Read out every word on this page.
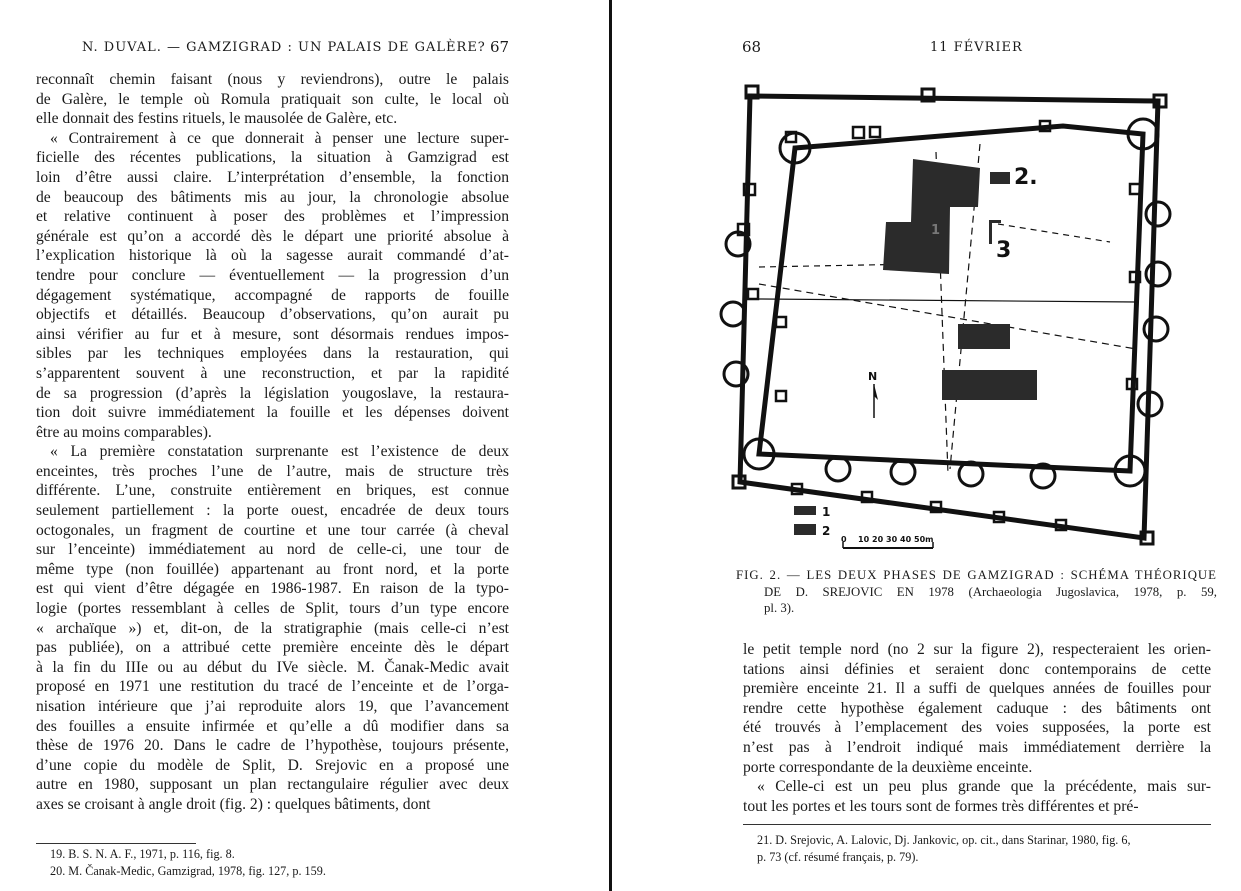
N. DUVAL. — GAMZIGRAD : UN PALAIS DE GALÈRE? 67
reconnaît chemin faisant (nous y reviendrons), outre le palais
de Galère, le temple où Romula pratiquait son culte, le local où
elle donnait des festins rituels, le mausolée de Galère, etc.
« Contrairement à ce que donnerait à penser une lecture super-
ficielle des récentes publications, la situation à Gamzigrad est
loin d’être aussi claire. L’interprétation d’ensemble, la fonction
de beaucoup des bâtiments mis au jour, la chronologie absolue
et relative continuent à poser des problèmes et l’impression
générale est qu’on a accordé dès le départ une priorité absolue à
l’explication historique là où la sagesse aurait commandé d’at-
tendre pour conclure — éventuellement — la progression d’un
dégagement systématique, accompagné de rapports de fouille
objectifs et détaillés. Beaucoup d’observations, qu’on aurait pu
ainsi vérifier au fur et à mesure, sont désormais rendues impos-
sibles par les techniques employées dans la restauration, qui
s’apparentent souvent à une reconstruction, et par la rapidité
de sa progression (d’après la législation yougoslave, la restaura-
tion doit suivre immédiatement la fouille et les dépenses doivent
être au moins comparables).
« La première constatation surprenante est l’existence de deux
enceintes, très proches l’une de l’autre, mais de structure très
différente. L’une, construite entièrement en briques, est connue
seulement partiellement : la porte ouest, encadrée de deux tours
octogonales, un fragment de courtine et une tour carrée (à cheval
sur l’enceinte) immédiatement au nord de celle-ci, une tour de
même type (non fouillée) appartenant au front nord, et la porte
est qui vient d’être dégagée en 1986-1987. En raison de la typo-
logie (portes ressemblant à celles de Split, tours d’un type encore
« archaïque ») et, dit-on, de la stratigraphie (mais celle-ci n’est
pas publiée), on a attribué cette première enceinte dès le départ
à la fin du IIIe ou au début du IVe siècle. M. Čanak-Medic avait
proposé en 1971 une restitution du tracé de l’enceinte et de l’orga-
nisation intérieure que j’ai reproduite alors 19, que l’avancement
des fouilles a ensuite infirmée et qu’elle a dû modifier dans sa
thèse de 1976 20. Dans le cadre de l’hypothèse, toujours présente,
d’une copie du modèle de Split, D. Srejovic en a proposé une
autre en 1980, supposant un plan rectangulaire régulier avec deux
axes se croisant à angle droit (fig. 2) : quelques bâtiments, dont
19. B. S. N. A. F., 1971, p. 116, fig. 8.
20. M. Čanak-Medic, Gamzigrad, 1978, fig. 127, p. 159.
68	11 FÉVRIER
2.
1
3
N
1
2
0 10 20 30 40 50m
FIG. 2. — LES DEUX PHASES DE GAMZIGRAD : SCHÉMA THÉORIQUE
DE D. SREJOVIC EN 1978 (Archaeologia Jugoslavica, 1978, p. 59,
pl. 3).
le petit temple nord (no 2 sur la figure 2), respecteraient les orien-
tations ainsi définies et seraient donc contemporains de cette
première enceinte 21. Il a suffi de quelques années de fouilles pour
rendre cette hypothèse également caduque : des bâtiments ont
été trouvés à l’emplacement des voies supposées, la porte est
n’est pas à l’endroit indiqué mais immédiatement derrière la
porte correspondante de la deuxième enceinte.
« Celle-ci est un peu plus grande que la précédente, mais sur-
tout les portes et les tours sont de formes très différentes et pré-
21. D. Srejovic, A. Lalovic, Dj. Jankovic, op. cit., dans Starinar, 1980, fig. 6,
p. 73 (cf. résumé français, p. 79).
